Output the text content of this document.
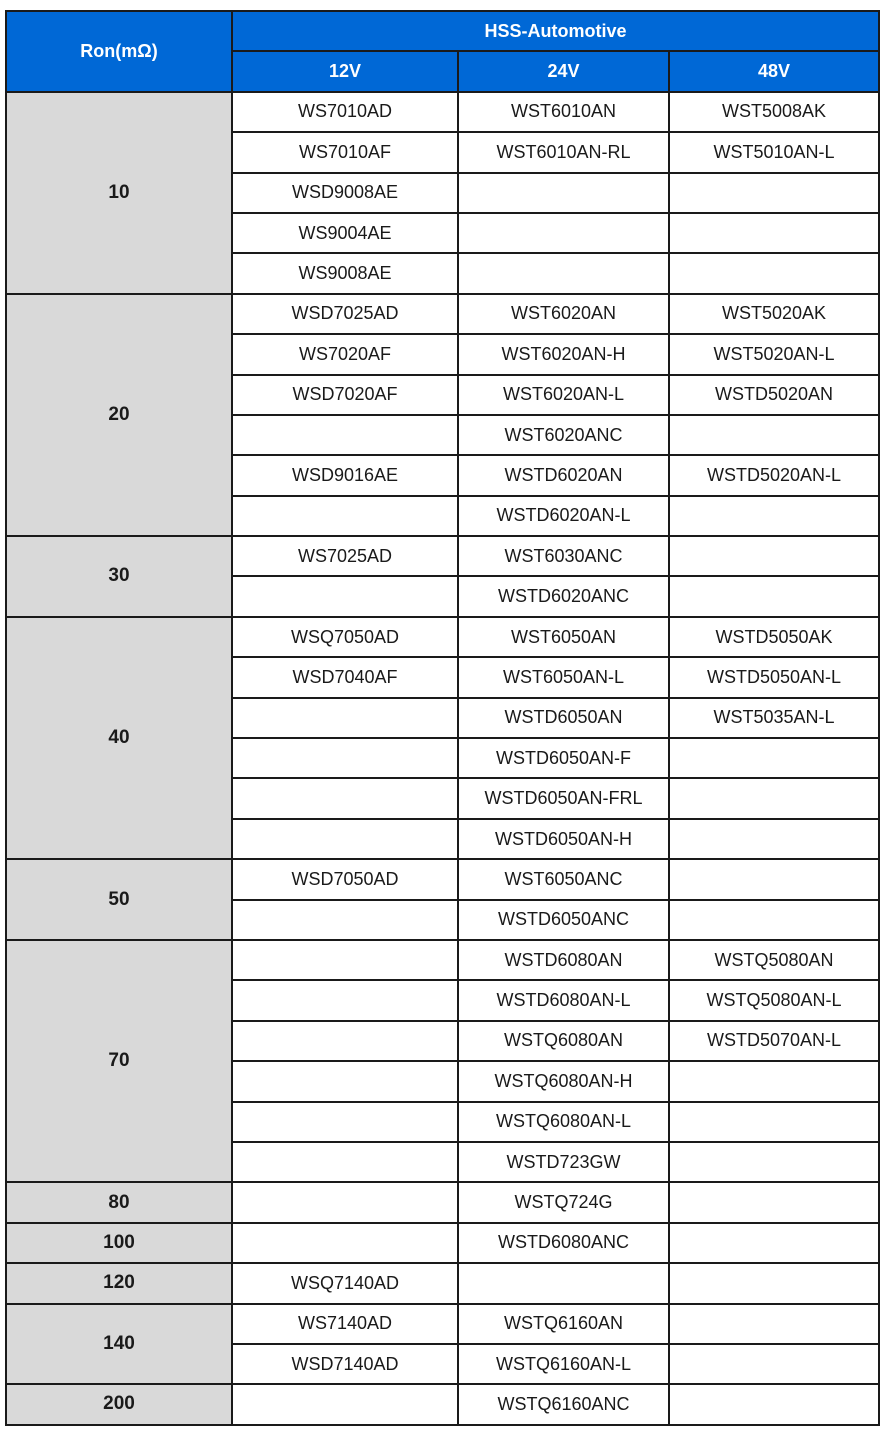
Ron(mΩ)	HSS-Automotive		
	12V	24V	48V
10	WS7010AD	WST6010AN	WST5008AK
	WS7010AF	WST6010AN-RL	WST5010AN-L
	WSD9008AE		
	WS9004AE		
	WS9008AE		
20	WSD7025AD	WST6020AN	WST5020AK
	WS7020AF	WST6020AN-H	WST5020AN-L
	WSD7020AF	WST6020AN-L	WSTD5020AN
		WST6020ANC	
	WSD9016AE	WSTD6020AN	WSTD5020AN-L
		WSTD6020AN-L	
30	WS7025AD	WST6030ANC	
		WSTD6020ANC	
40	WSQ7050AD	WST6050AN	WSTD5050AK
	WSD7040AF	WST6050AN-L	WSTD5050AN-L
		WSTD6050AN	WST5035AN-L
		WSTD6050AN-F	
		WSTD6050AN-FRL	
		WSTD6050AN-H	
50	WSD7050AD	WST6050ANC	
		WSTD6050ANC	
70		WSTD6080AN	WSTQ5080AN
		WSTD6080AN-L	WSTQ5080AN-L
		WSTQ6080AN	WSTD5070AN-L
		WSTQ6080AN-H	
		WSTQ6080AN-L	
		WSTD723GW	
80		WSTQ724G	
100		WSTD6080ANC	
120	WSQ7140AD		
140	WS7140AD	WSTQ6160AN	
	WSD7140AD	WSTQ6160AN-L	
200		WSTQ6160ANC	
